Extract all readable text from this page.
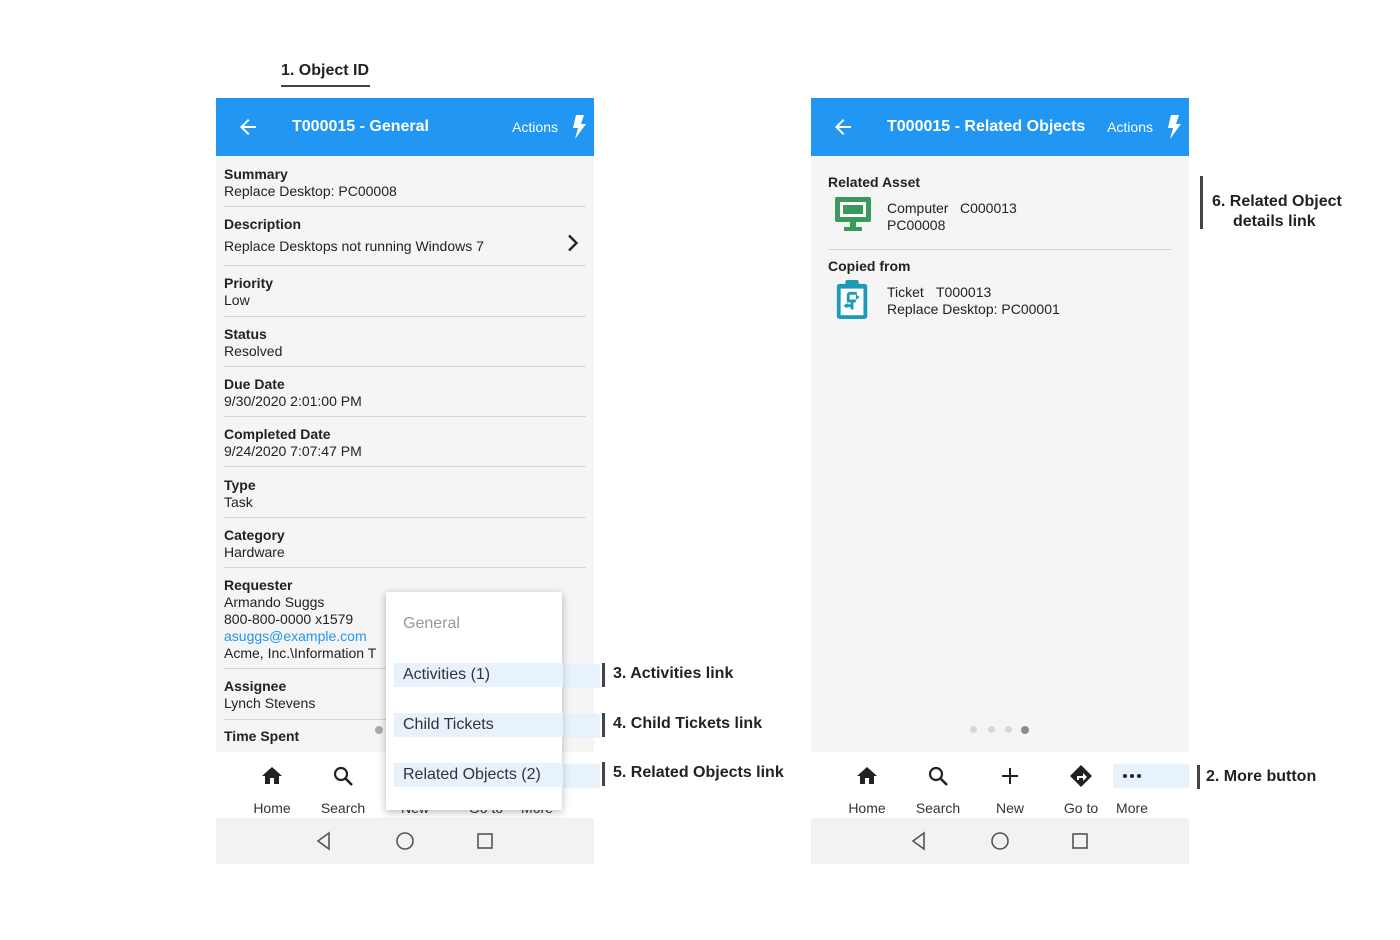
1. Object ID
T000015 - General	Actions
Summary
Replace Desktop: PC00008
Description
Replace Desktops not running Windows 7
Priority
Low
Status
Resolved
Due Date
9/30/2020 2:01:00 PM
Completed Date
9/24/2020 7:07:47 PM
Type
Task
Category
Hardware
Requester
Armando Suggs
800-800-0000 x1579
asuggs@example.com
Acme, Inc.\Information T
Assignee
Lynch Stevens
Time Spent
Home	Search
General
Activities (1)
Child Tickets
Related Objects (2)
3. Activities link
4. Child Tickets link
5. Related Objects link
T000015 - Related Objects Actions
Related Asset
Computer C000013
PC00008
Copied from
Ticket T000013
Replace Desktop: PC00001
Home	Search	New	Go to	More
6. Related Object
details link
2. More button
